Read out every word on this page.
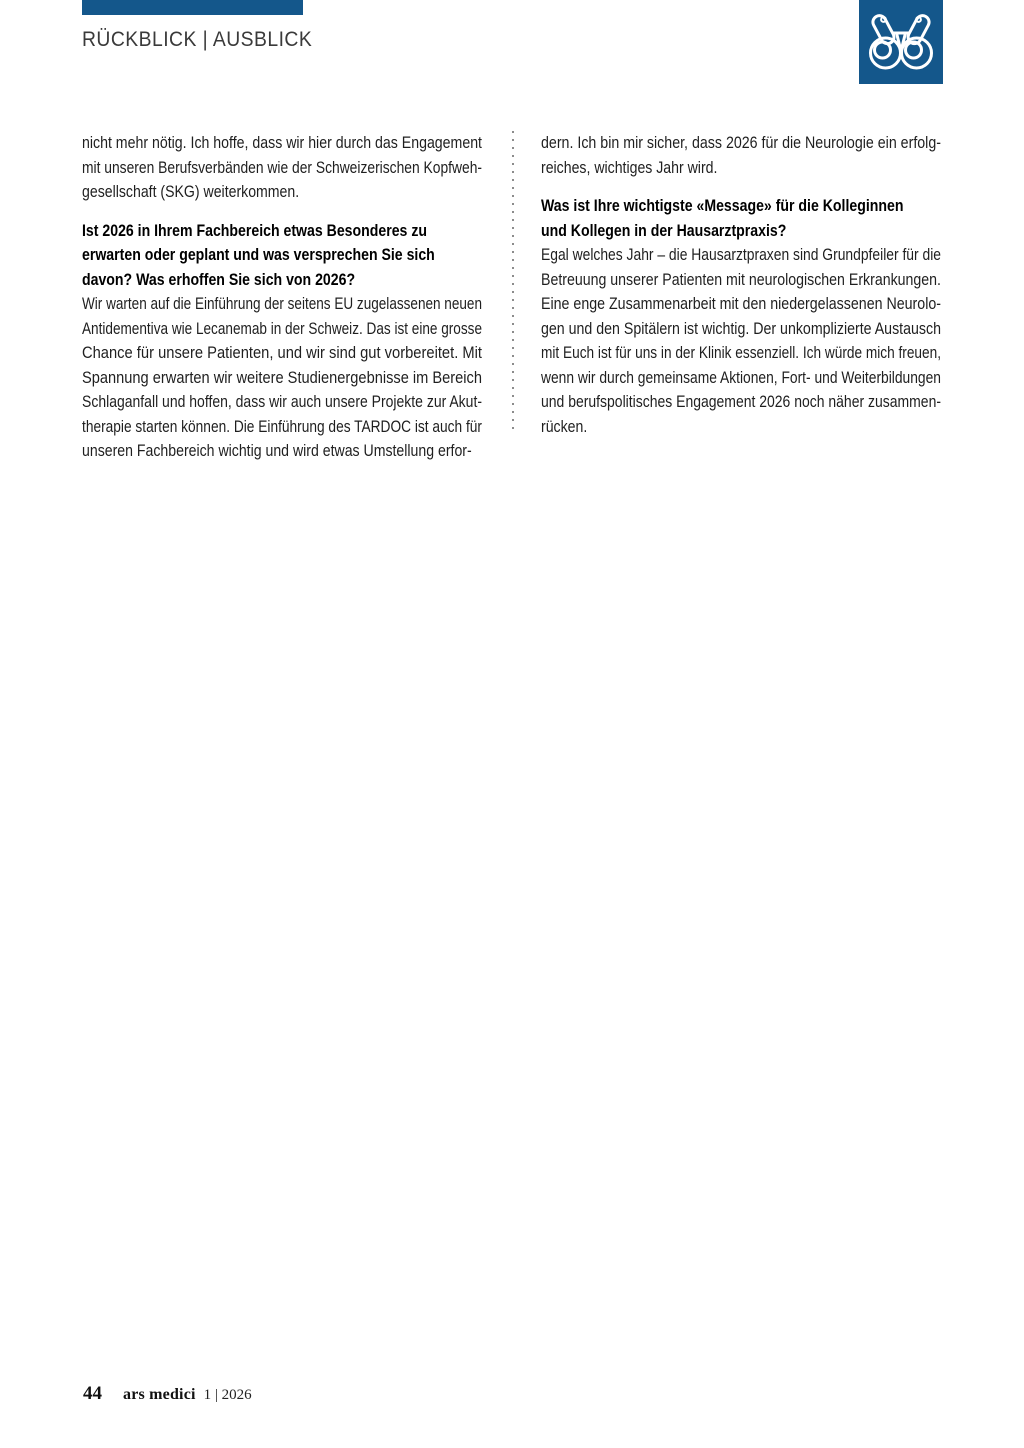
RÜCKBLICK | AUSBLICK
nicht mehr nötig. Ich hoffe, dass wir hier durch das Engagement
mit unseren Berufsverbänden wie der Schweizerischen Kopfweh-
gesellschaft (SKG) weiterkommen.
Ist 2026 in Ihrem Fachbereich etwas Besonderes zu
erwarten oder geplant und was versprechen Sie sich
davon? Was erhoffen Sie sich von 2026?
Wir warten auf die Einführung der seitens EU zugelassenen neuen
Antidementiva wie Lecanemab in der Schweiz. Das ist eine grosse
Chance für unsere Patienten, und wir sind gut vorbereitet. Mit
Spannung erwarten wir weitere Studienergebnisse im Bereich
Schlaganfall und hoffen, dass wir auch unsere Projekte zur Akut-
therapie starten können. Die Einführung des TARDOC ist auch für
unseren Fachbereich wichtig und wird etwas Umstellung erfor-
dern. Ich bin mir sicher, dass 2026 für die Neurologie ein erfolg-
reiches, wichtiges Jahr wird.
Was ist Ihre wichtigste «Message» für die Kolleginnen
und Kollegen in der Hausarztpraxis?
Egal welches Jahr – die Hausarztpraxen sind Grundpfeiler für die
Betreuung unserer Patienten mit neurologischen Erkrankungen.
Eine enge Zusammenarbeit mit den niedergelassenen Neurolo-
gen und den Spitälern ist wichtig. Der unkomplizierte Austausch
mit Euch ist für uns in der Klinik essenziell. Ich würde mich freuen,
wenn wir durch gemeinsame Aktionen, Fort- und Weiterbildungen
und berufspolitisches Engagement 2026 noch näher zusammen-
rücken.
44 ars medici 1 | 2026
